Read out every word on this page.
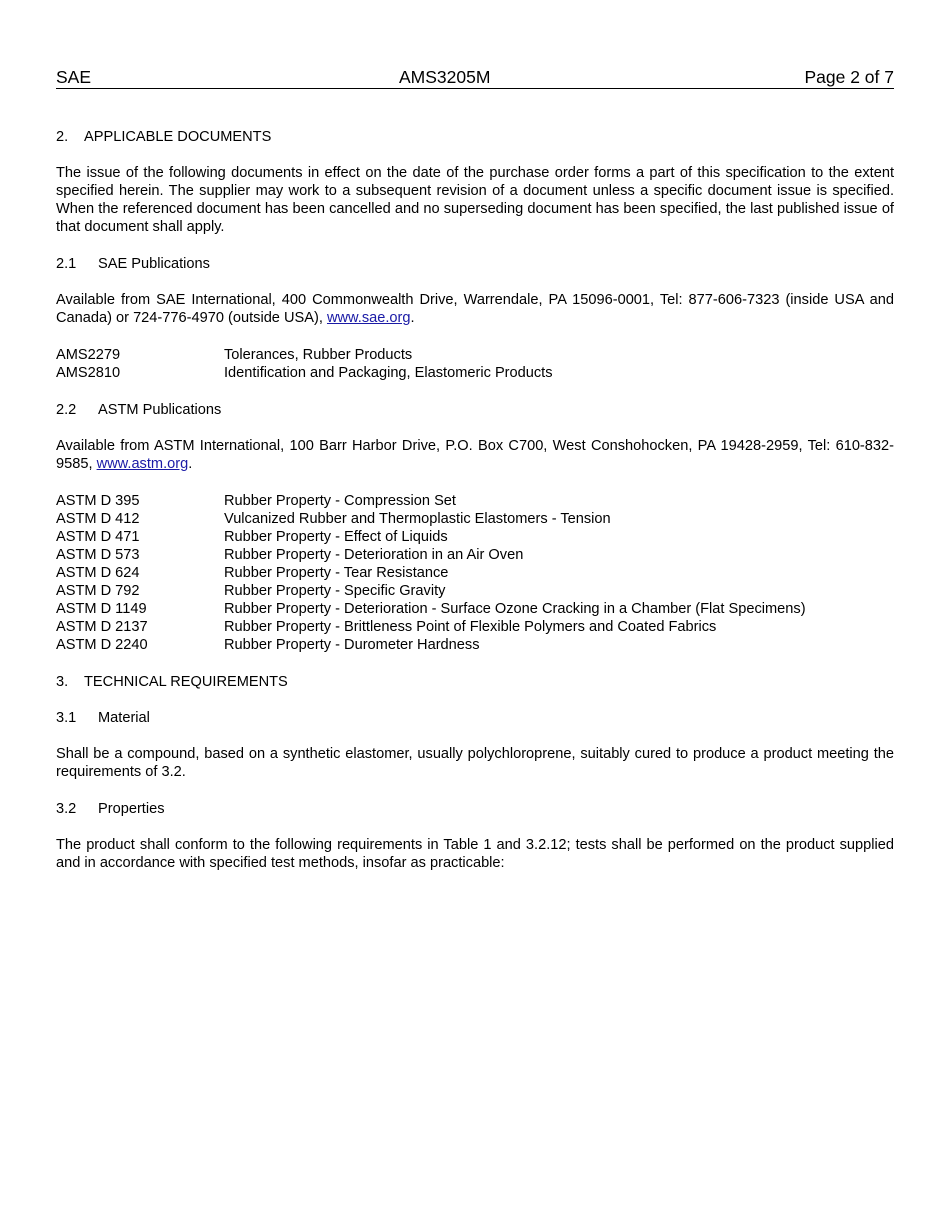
SAE	AMS3205M	Page 2 of 7
2. APPLICABLE DOCUMENTS

The issue of the following documents in effect on the date of the purchase order forms a part of this specification to the extent specified herein. The supplier may work to a subsequent revision of a document unless a specific document issue is specified. When the referenced document has been cancelled and no superseding document has been specified, the last published issue of that document shall apply.

2.1 SAE Publications

Available from SAE International, 400 Commonwealth Drive, Warrendale, PA 15096-0001, Tel: 877-606-7323 (inside USA and Canada) or 724-776-4970 (outside USA), www.sae.org.

AMS2279	Tolerances, Rubber Products
AMS2810	Identification and Packaging, Elastomeric Products
2.2 ASTM Publications

Available from ASTM International, 100 Barr Harbor Drive, P.O. Box C700, West Conshohocken, PA 19428-2959, Tel: 610-832-9585, www.astm.org.

ASTM D 395	Rubber Property - Compression Set
ASTM D 412	Vulcanized Rubber and Thermoplastic Elastomers - Tension
ASTM D 471	Rubber Property - Effect of Liquids
ASTM D 573	Rubber Property - Deterioration in an Air Oven
ASTM D 624	Rubber Property - Tear Resistance
ASTM D 792	Rubber Property - Specific Gravity
ASTM D 1149	Rubber Property - Deterioration - Surface Ozone Cracking in a Chamber (Flat Specimens)
ASTM D 2137	Rubber Property - Brittleness Point of Flexible Polymers and Coated Fabrics
ASTM D 2240	Rubber Property - Durometer Hardness
3. TECHNICAL REQUIREMENTS
3.1 Material

Shall be a compound, based on a synthetic elastomer, usually polychloroprene, suitably cured to produce a product meeting the requirements of 3.2.

3.2 Properties

The product shall conform to the following requirements in Table 1 and 3.2.12; tests shall be performed on the product supplied and in accordance with specified test methods, insofar as practicable:
